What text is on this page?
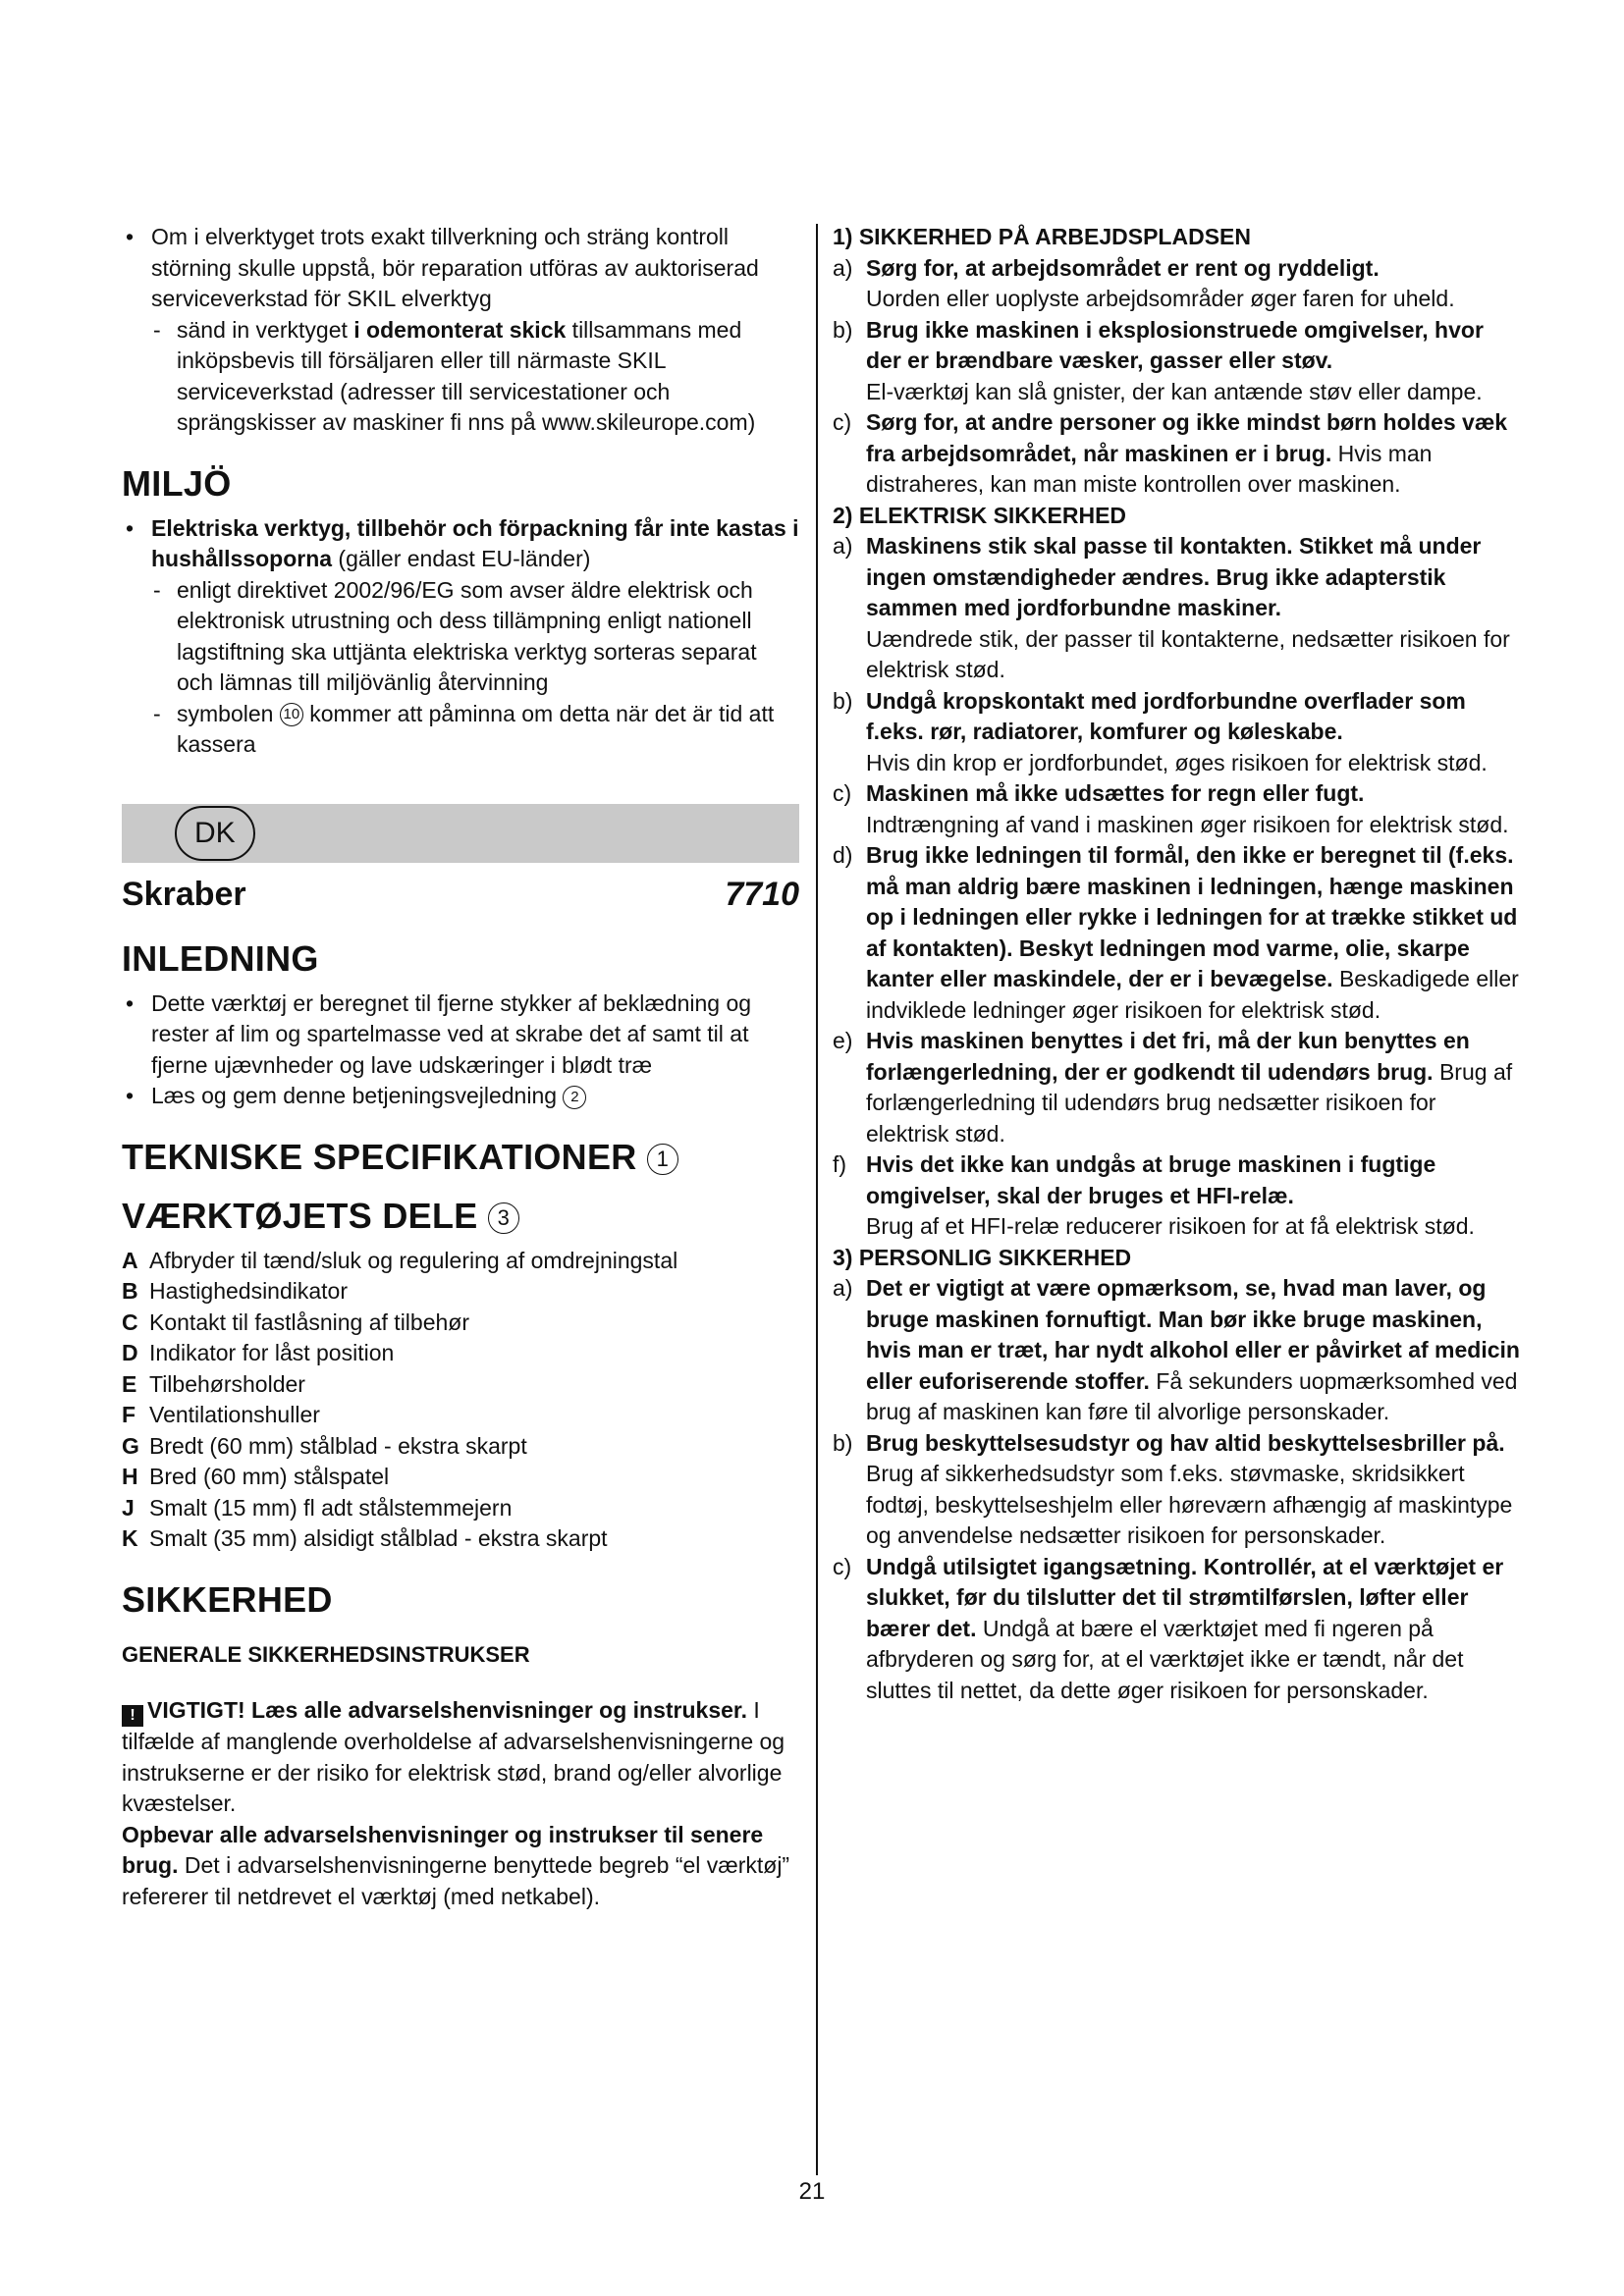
• Om i elverktyget trots exakt tillverkning och sträng kontroll störning skulle uppstå, bör reparation utföras av auktoriserad serviceverkstad för SKIL elverktyg

- sänd in verktyget i odemonterat skick tillsammans med inköpsbevis till försäljaren eller till närmaste SKIL serviceverkstad (adresser till servicestationer och sprängskisser av maskiner fi nns på www.skileurope.com)

MILJÖ

• Elektriska verktyg, tillbehör och förpackning får inte kastas i hushållssoporna (gäller endast EU-länder)

- enligt direktivet 2002/96/EG som avser äldre elektrisk och elektronisk utrustning och dess tillämpning enligt nationell lagstiftning ska uttjänta elektriska verktyg sorteras separat och lämnas till miljövänlig återvinning

- symbolen 10 kommer att påminna om detta när det är tid att kassera

DK
Skraber	7710
INLEDNING

• Dette værktøj er beregnet til fjerne stykker af beklædning og rester af lim og spartelmasse ved at skrabe det af samt til at fjerne ujævnheder og lave udskæringer i blødt træ

• Læs og gem denne betjeningsvejledning 2

TEKNISKE SPECIFIKATIONER 1
VÆRKTØJETS DELE 3

A Afbryder til tænd/sluk og regulering af omdrejningstal

B Hastighedsindikator

C Kontakt til fastlåsning af tilbehør

D Indikator for låst position

E Tilbehørsholder

F Ventilationshuller

G Bredt (60 mm) stålblad - ekstra skarpt

H Bred (60 mm) stålspatel

J Smalt (15 mm) fl adt stålstemmejern

K Smalt (35 mm) alsidigt stålblad - ekstra skarpt

SIKKERHED
GENERALE SIKKERHEDSINSTRUKSER

! VIGTIGT! Læs alle advarselshenvisninger og instrukser. I tilfælde af manglende overholdelse af advarselshenvisningerne og instrukserne er der risiko for elektrisk stød, brand og/eller alvorlige kvæstelser.

Opbevar alle advarselshenvisninger og instrukser til senere brug. Det i advarselshenvisningerne benyttede begreb “el værktøj” refererer til netdrevet el værktøj (med netkabel).

1) SIKKERHED PÅ ARBEJDSPLADSEN

a) Sørg for, at arbejdsområdet er rent og ryddeligt.

Uorden eller uoplyste arbejdsområder øger faren for uheld.

b) Brug ikke maskinen i eksplosionstruede omgivelser, hvor der er brændbare væsker, gasser eller støv.

El-værktøj kan slå gnister, der kan antænde støv eller dampe.

c) Sørg for, at andre personer og ikke mindst børn holdes væk fra arbejdsområdet, når maskinen er i brug. Hvis man distraheres, kan man miste kontrollen over maskinen.

2) ELEKTRISK SIKKERHED

a) Maskinens stik skal passe til kontakten. Stikket må under ingen omstændigheder ændres. Brug ikke adapterstik sammen med jordforbundne maskiner.

Uændrede stik, der passer til kontakterne, nedsætter risikoen for elektrisk stød.

b) Undgå kropskontakt med jordforbundne overflader som f.eks. rør, radiatorer, komfurer og køleskabe.

Hvis din krop er jordforbundet, øges risikoen for elektrisk stød.

c) Maskinen må ikke udsættes for regn eller fugt.

Indtrængning af vand i maskinen øger risikoen for elektrisk stød.

d) Brug ikke ledningen til formål, den ikke er beregnet til (f.eks. må man aldrig bære maskinen i ledningen, hænge maskinen op i ledningen eller rykke i ledningen for at trække stikket ud af kontakten). Beskyt ledningen mod varme, olie, skarpe kanter eller maskindele, der er i bevægelse. Beskadigede eller indviklede ledninger øger risikoen for elektrisk stød.

e) Hvis maskinen benyttes i det fri, må der kun benyttes en forlængerledning, der er godkendt til udendørs brug. Brug af forlængerledning til udendørs brug nedsætter risikoen for elektrisk stød.

f) Hvis det ikke kan undgås at bruge maskinen i fugtige omgivelser, skal der bruges et HFI-relæ.

Brug af et HFI-relæ reducerer risikoen for at få elektrisk stød.

3) PERSONLIG SIKKERHED

a) Det er vigtigt at være opmærksom, se, hvad man laver, og bruge maskinen fornuftigt. Man bør ikke bruge maskinen, hvis man er træt, har nydt alkohol eller er påvirket af medicin eller euforiserende stoffer. Få sekunders uopmærksomhed ved brug af maskinen kan føre til alvorlige personskader.

b) Brug beskyttelsesudstyr og hav altid beskyttelsesbriller på. Brug af sikkerhedsudstyr som f.eks. støvmaske, skridsikkert fodtøj, beskyttelseshjelm eller høreværn afhængig af maskintype og anvendelse nedsætter risikoen for personskader.

c) Undgå utilsigtet igangsætning. Kontrollér, at el værktøjet er slukket, før du tilslutter det til strømtilførslen, løfter eller bærer det. Undgå at bære el værktøjet med fi ngeren på afbryderen og sørg for, at el værktøjet ikke er tændt, når det sluttes til nettet, da dette øger risikoen for personskader.

21
